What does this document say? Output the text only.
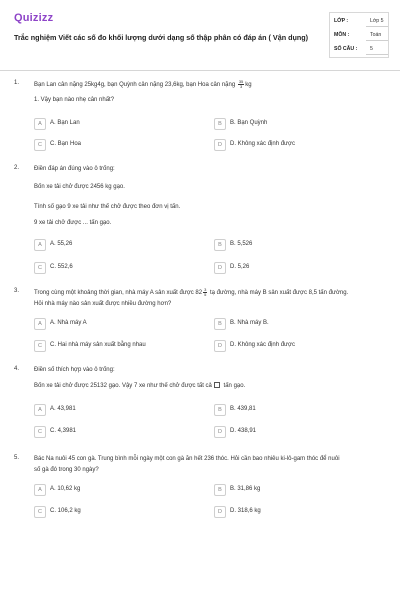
Quizizz
Trắc nghiệm Viết các số đo khối lượng dưới dạng số thập phân có đáp án ( Vận dụng)
LỚP :	Lớp 5
MÔN :	Toán
SỐ CÂU : 5
1. Bạn Lan cân nặng 25kg4g, bạn Quỳnh cân nặng 23,6kg, bạn Hoa cân nặng $\frac{35}{3}$ kg
1. Vậy bạn nào nhẹ cân nhất?
A	A. Bạn Lan	B	B. Bạn Quỳnh
C	C. Bạn Hoa	D	D. Không xác định được
2. Điền đáp án đúng vào ô trống:
Bốn xe tải chở được 2456 kg gạo.
Tính số gạo 9 xe tải như thế chở được theo đơn vị tấn.
9 xe tải chở được ... tấn gạo.
A	A. 55,26	B	B. 5,526
C	C. 552,6	D	D. 5,26
3. Trong cùng một khoảng thời gian, nhà máy A sản xuất được $82 \frac{3}{5}$ tạ đường, nhà máy B sản xuất được 8,5 tấn đường.
Hỏi nhà máy nào sản xuất được nhiều đường hơn?
A	A. Nhà máy A	B	B. Nhà máy B.
C	C. Hai nhà máy sản xuất bằng nhau	D	D. Không xác định được
4. Điền số thích hợp vào ô trống:
Bốn xe tải chở được 25132 gạo. Vậy 7 xe như thế chở được tất cả tấn gạo.
A	A. 43,981	B	B. 439,81
C	C. 4,3981	D	D. 438,91
5. Bác Na nuôi 45 con gà. Trung bình mỗi ngày một con gà ăn hết 236 thóc. Hỏi cần bao nhiêu ki-lô-gam thóc để nuôi
số gà đó trong 30 ngày?
A	A. 10,62 kg	B	B. 31,86 kg
C	C. 106,2 kg	D	D. 318,6 kg
